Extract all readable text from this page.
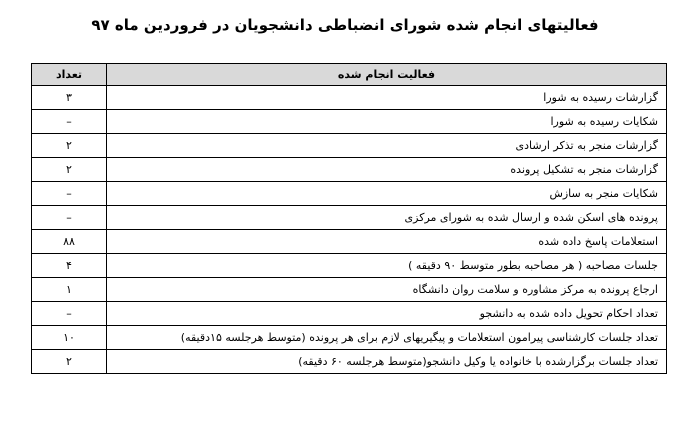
فعالیتهای انجام شده شورای انضباطی دانشجویان در فروردین ماه ۹۷
فعالیت انجام شده	تعداد
گزارشات رسیده به شورا	۳
شکایات رسیده به شورا	–
گزارشات منجر به تذکر ارشادی	۲
گزارشات منجر به تشکیل پرونده	۲
شکایات منجر به سازش	–
پرونده های اسکن شده و ارسال شده به شورای مرکزی	–
استعلامات پاسخ داده شده	۸۸
جلسات مصاحبه ( هر مصاحبه بطور متوسط ۹۰ دقیقه )	۴
ارجاع پرونده به مرکز مشاوره و سلامت روان دانشگاه	۱
تعداد احکام تحویل داده شده به دانشجو	–
تعداد جلسات کارشناسی پیرامون استعلامات و پیگیریهای لازم برای هر پرونده (متوسط هرجلسه ۱۵دقیقه)	۱۰
تعداد جلسات برگزارشده با خانواده یا وکیل دانشجو(متوسط هرجلسه ۶۰ دقیقه)	۲
